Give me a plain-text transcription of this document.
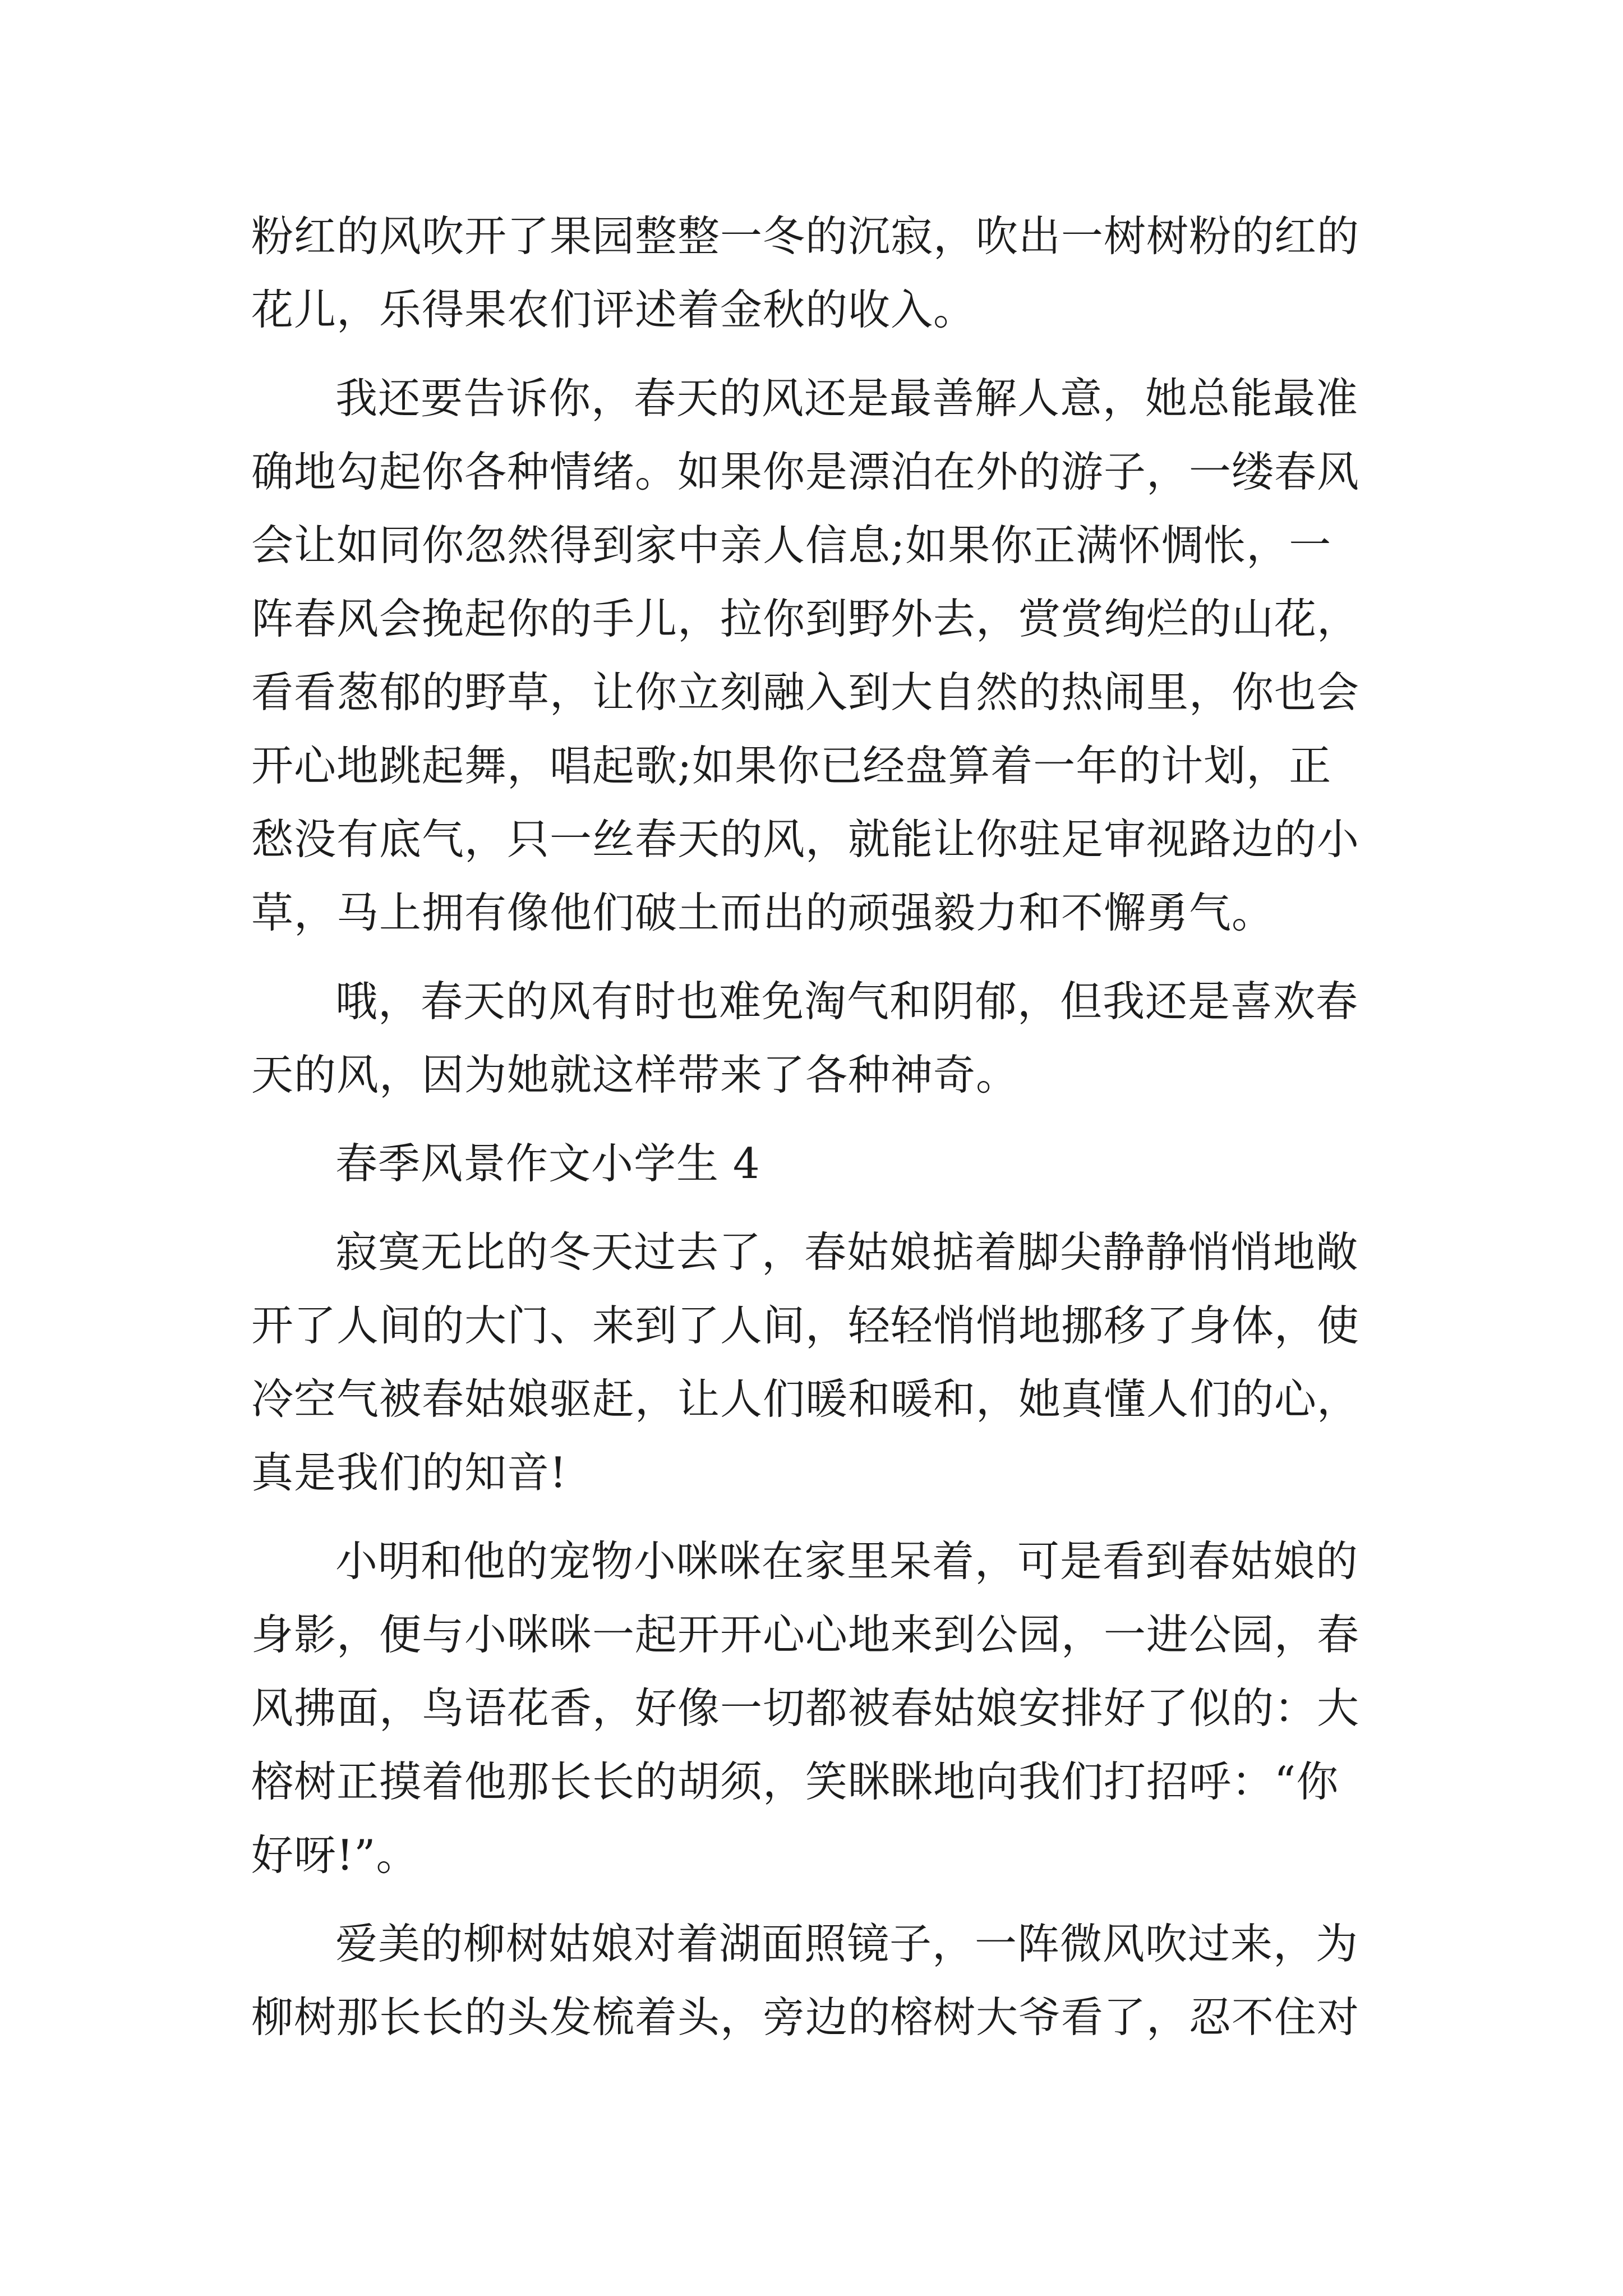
粉红的风吹开了果园整整一冬的沉寂，吹出一树树粉的红的
花儿，乐得果农们评述着金秋的收入。
我还要告诉你，春天的风还是最善解人意，她总能最准
确地勾起你各种情绪。如果你是漂泊在外的游子，一缕春风
会让如同你忽然得到家中亲人信息;如果你正满怀惆怅，一
阵春风会挽起你的手儿，拉你到野外去，赏赏绚烂的山花，
看看葱郁的野草，让你立刻融入到大自然的热闹里，你也会
开心地跳起舞，唱起歌;如果你已经盘算着一年的计划，正
愁没有底气，只一丝春天的风，就能让你驻足审视路边的小
草，马上拥有像他们破土而出的顽强毅力和不懈勇气。
哦，春天的风有时也难免淘气和阴郁，但我还是喜欢春
天的风，因为她就这样带来了各种神奇。
春季风景作文小学生 4
寂寞无比的冬天过去了，春姑娘掂着脚尖静静悄悄地敞
开了人间的大门、来到了人间，轻轻悄悄地挪移了身体，使
冷空气被春姑娘驱赶，让人们暖和暖和，她真懂人们的心，
真是我们的知音!
小明和他的宠物小咪咪在家里呆着，可是看到春姑娘的
身影，便与小咪咪一起开开心心地来到公园，一进公园，春
风拂面，鸟语花香，好像一切都被春姑娘安排好了似的：大
榕树正摸着他那长长的胡须，笑眯眯地向我们打招呼：“你
好呀!”。
爱美的柳树姑娘对着湖面照镜子，一阵微风吹过来，为
柳树那长长的头发梳着头，旁边的榕树大爷看了，忍不住对
